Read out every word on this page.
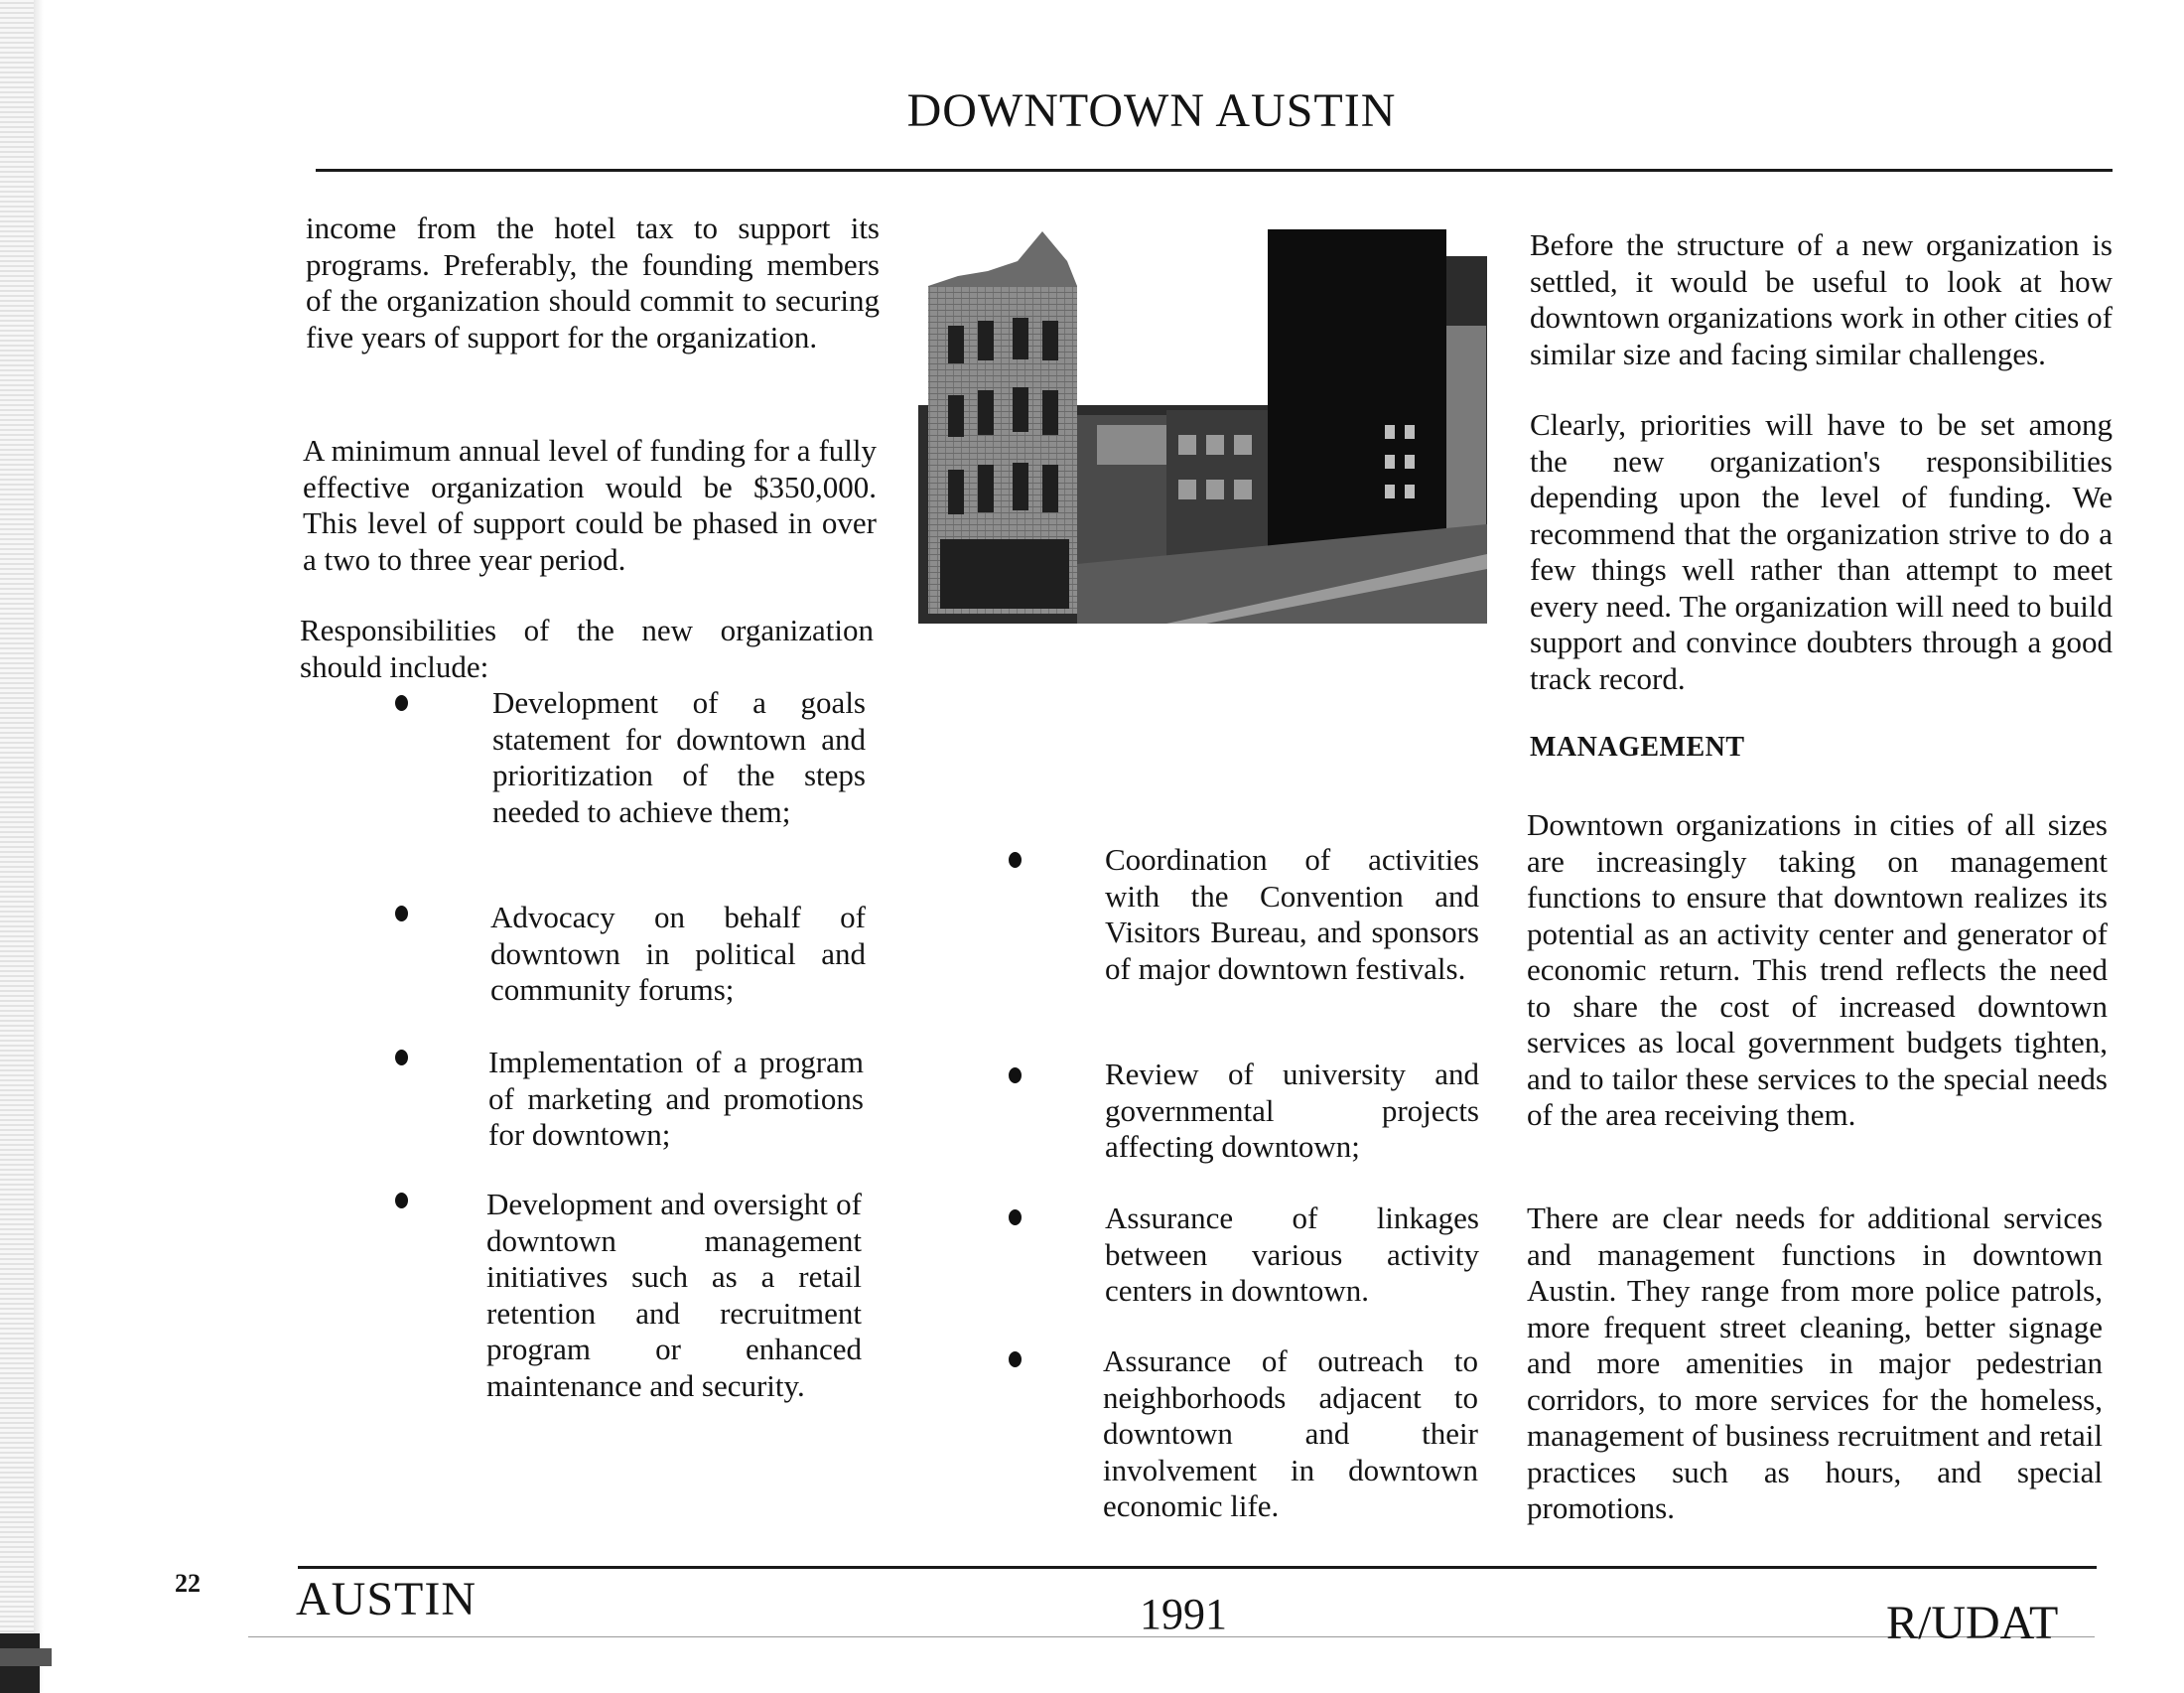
DOWNTOWN AUSTIN

income from the hotel tax to support its programs. Preferably, the founding members of the organization should commit to securing five years of support for the organization.

A minimum annual level of funding for a fully effective organization would be $350,000. This level of support could be phased in over a two to three year period.

Responsibilities of the new organization should include:

Development of a goals statement for downtown and prioritization of the steps needed to achieve them;

Advocacy on behalf of downtown in political and community forums;

Implementation of a program of marketing and promotions for downtown;

Development and oversight of downtown management initiatives such as a retail retention and recruitment program or enhanced maintenance and security.

Coordination of activities with the Convention and Visitors Bureau, and sponsors of major downtown festivals.

Review of university and governmental projects affecting downtown;

Assurance of linkages between various activity centers in downtown.

Assurance of outreach to neighborhoods adjacent to downtown and their involvement in downtown economic life.

Before the structure of a new organization is settled, it would be useful to look at how downtown organizations work in other cities of similar size and facing similar challenges.

Clearly, priorities will have to be set among the new organization's responsibilities depending upon the level of funding. We recommend that the organization strive to do a few things well rather than attempt to meet every need. The organization will need to build support and convince doubters through a good track record.

MANAGEMENT

Downtown organizations in cities of all sizes are increasingly taking on management functions to ensure that downtown realizes its potential as an activity center and generator of economic return. This trend reflects the need to share the cost of increased downtown services as local government budgets tighten, and to tailor these services to the special needs of the area receiving them.

There are clear needs for additional services and management functions in downtown Austin. They range from more police patrols, more frequent street cleaning, better signage and more amenities in major pedestrian corridors, to more services for the homeless, management of business recruitment and retail practices such as hours, and special promotions.

22 AUSTIN	1991	R/UDAT
